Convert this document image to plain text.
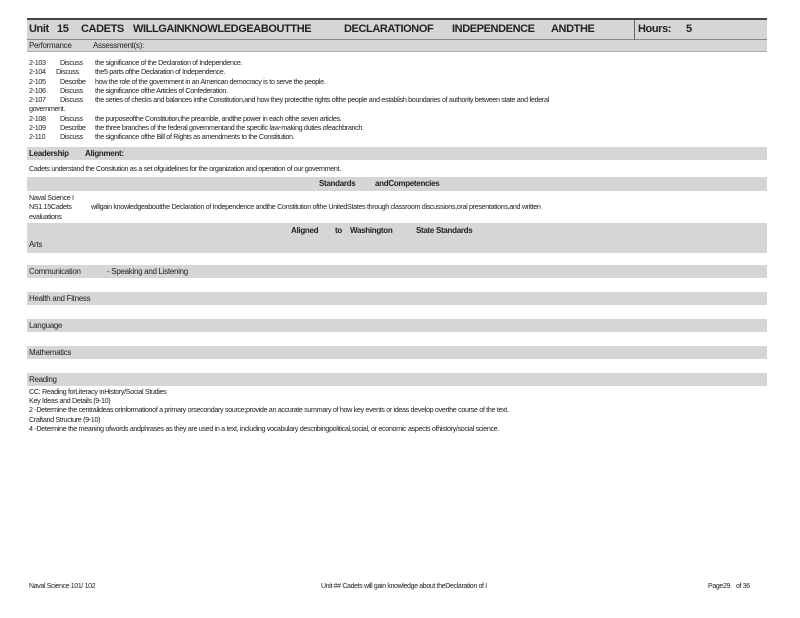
Unit 15 CADETS WILLGAINKNOWLEDGEABOUTTHE	DECLARATIONOF INDEPENDENCE ANDTHE	Hours: 5
Performance	Assessment(s):
2-103 Discuss the significance of the Declaration of Independence.
2-104 Discuss the5 parts ofthe Declaration of Independence.
2-105 Describe how the role of the government in an American democracy is to serve the people.
2-106 Discuss the significance ofthe Articles of Confederation.
2-107 Discuss the series of checks and balances inthe Constitution,and how they protectthe rights ofthe people and establish boundaries of authority between state and federal
government.
2-108 Discuss the purposeofthe Constitution,the preamble, andthe power in each ofthe seven articles.
2-109 Describe the three branches of the federal governmentand the specific law-making duties ofeachbranch.
2-110 Discuss the significance ofthe Bill of Rights as amendments to the Constitution.
Leadership Alignment:
Cadets understand the Consitution as a set ofguidelines for the organization and operation of our government.
Standards andCompetencies
Naval Science I
NS1.15Cadets	willgain knowledgeaboutthe Declaration of Independence andthe Constitution ofthe UnitedStates through classroom discussions,oral presentations,and written
evaluations
Aligned to Washington	State Standards
Arts
Communication	- Speaking and Listening
Health and Fitness
Language
Mathematics
Reading
CC: Reading forLiteracy inHistory/Social Studies
Key Ideas and Details (9-10)
2 -Determine the centralideas orinformationof a primary orsecondary source;provide an accurate summary of how key events or ideas develop overthe course of the text.
Craftand Structure (9-10)
4 -Determine the meaning ofwords andphrases as they are used in a text, including vocabulary describingpolitical,social, or economic aspects ofhistory/social science.
Naval Science 101/ 102	Unit ## Cadets will gain knowledge about theDeclaration of I	Page29 of 36
